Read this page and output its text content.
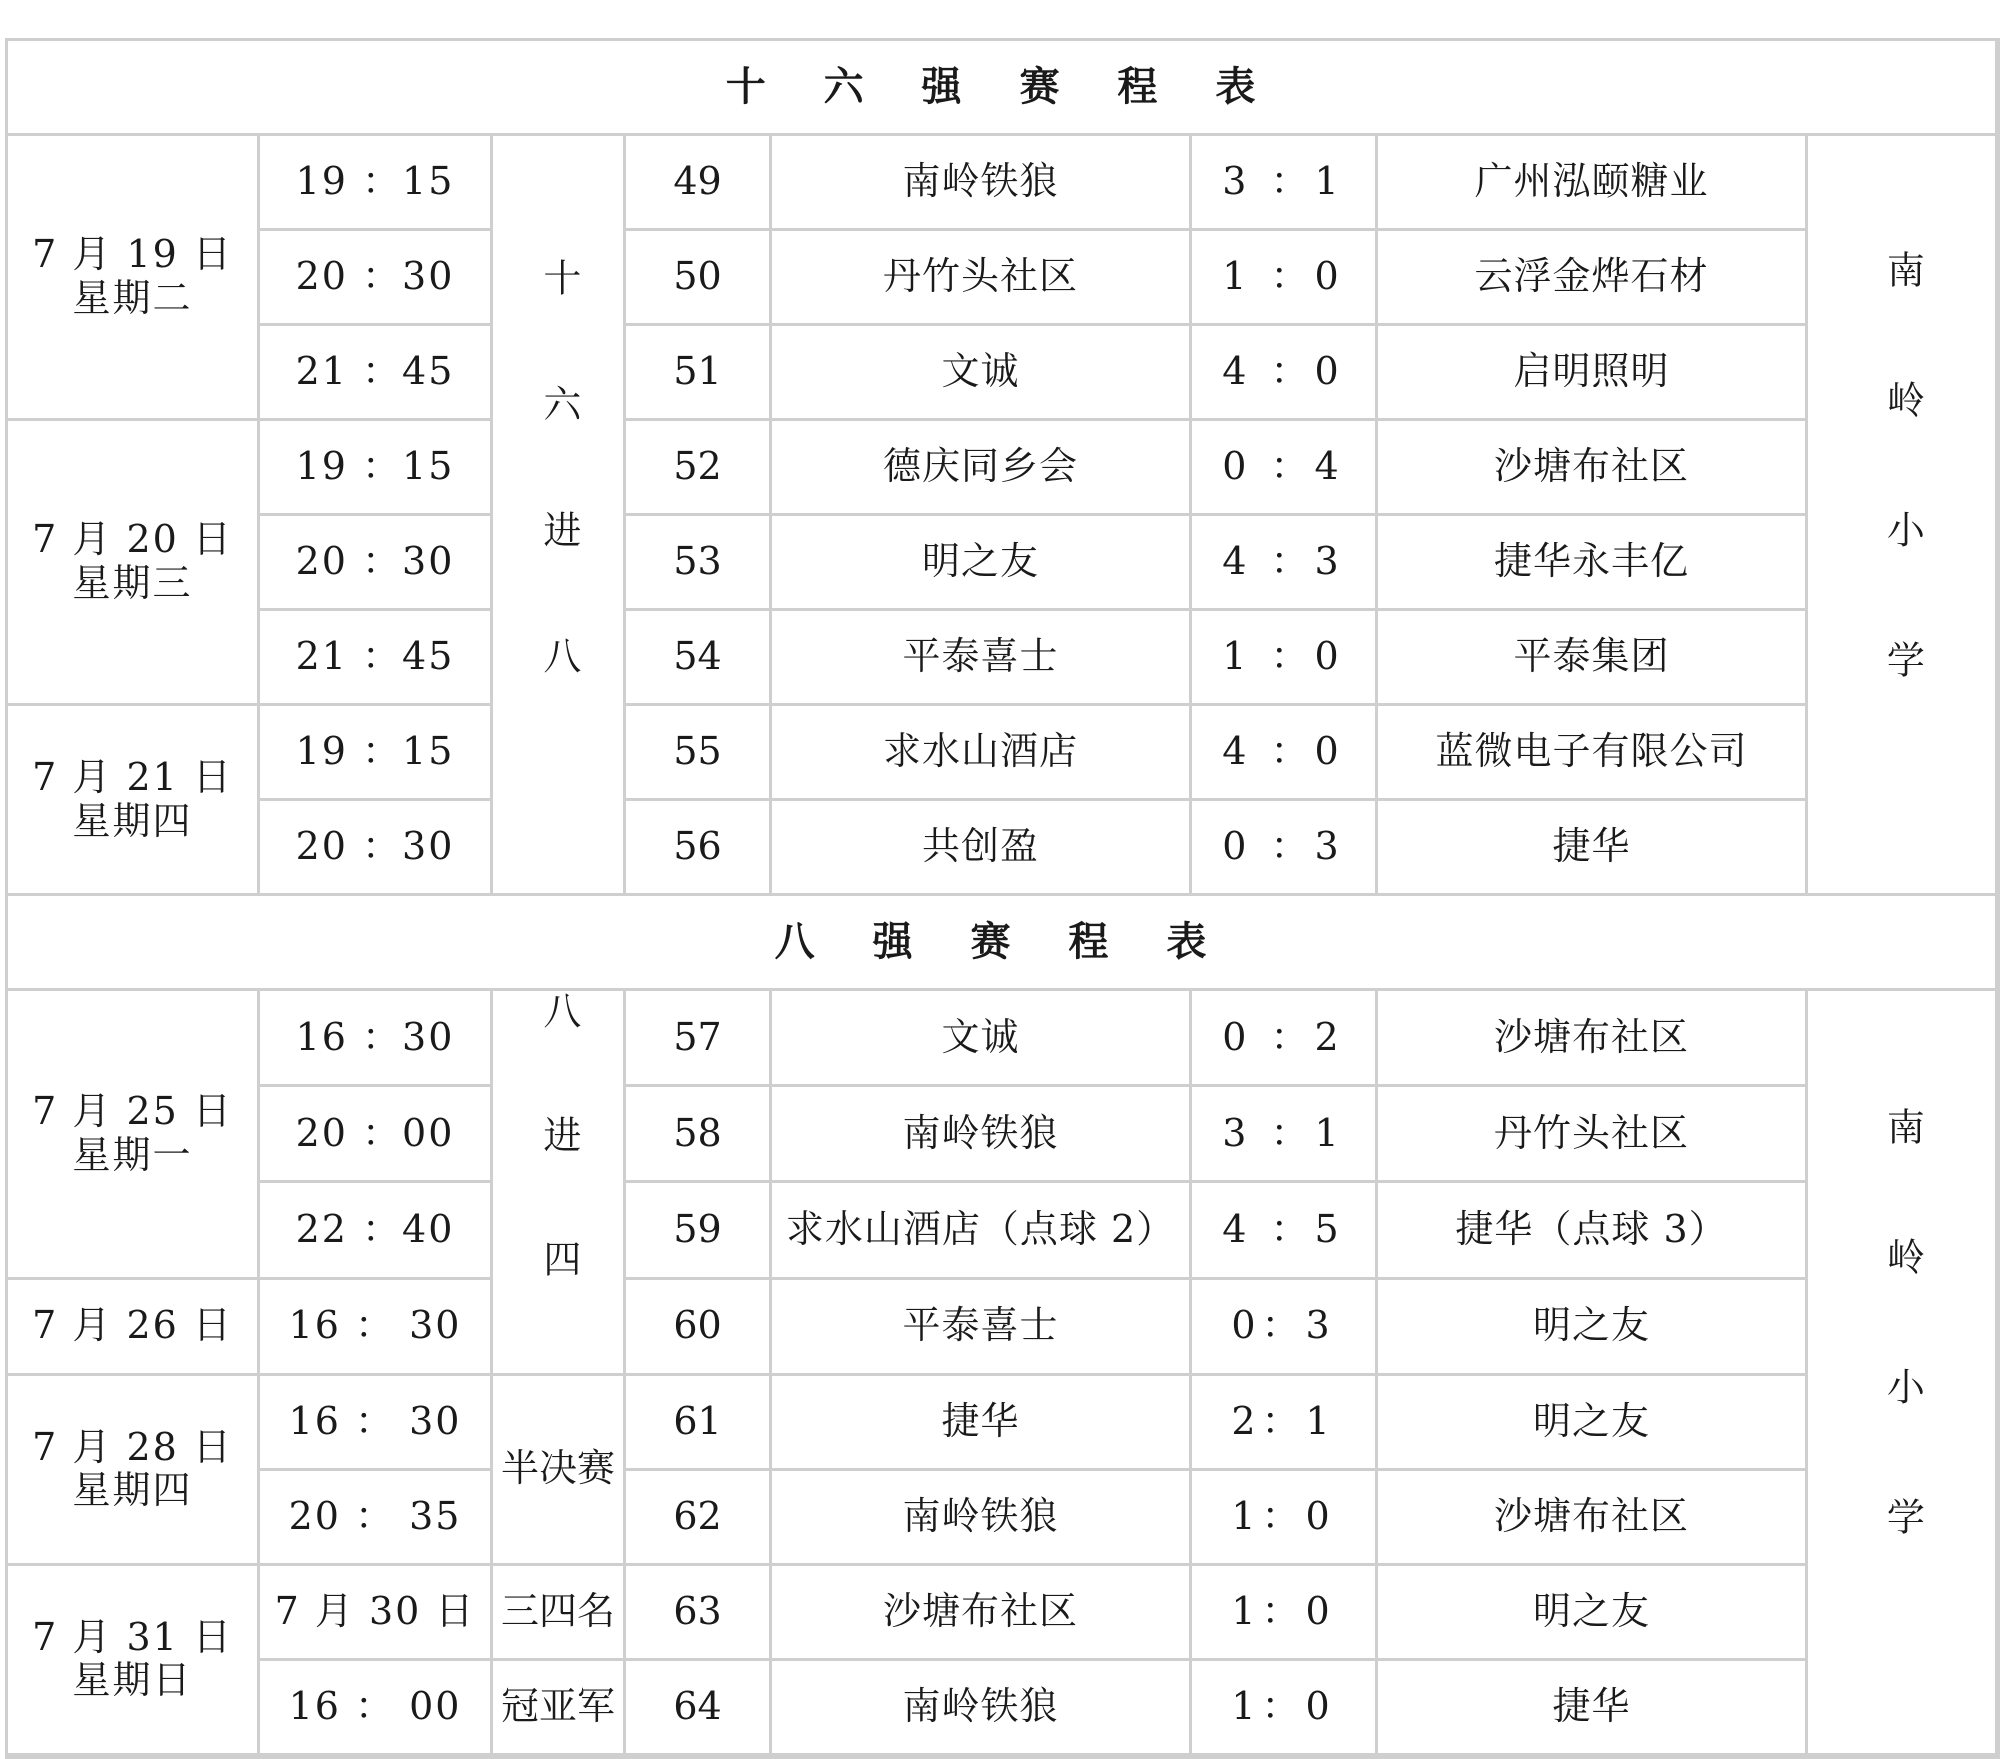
十 六 强 赛 程 表							

7 月 19 日
星期二	19 ：15	十六进八	49	南岭铁狼	3 ：1	广州泓颐糖业	南岭小学
	20 ：30		50	丹竹头社区	1 ：0	云浮金烨石材	
	21 ：45		51	文诚	4 ：0	启明照明	

7 月 20 日
星期三	19 ：15		52	德庆同乡会	0 ：4	沙塘布社区	
	20 ：30		53	明之友	4 ：3	捷华永丰亿	
	21 ：45		54	平泰喜士	1 ：0	平泰集团	

7 月 21 日
星期四	19 ：15		55	求水山酒店	4 ：0	蓝微电子有限公司	
	20 ：30		56	共创盈	0 ：3	捷华	
八 强 赛 程 表							

7 月 25 日
星期一	16 ：30	八进四	57	文诚	0 ：2	沙塘布社区	南岭小学
	20 ：00		58	南岭铁狼	3 ：1	丹竹头社区	
	22 ：40		59	求水山酒店（点球 2）	4 ：5	捷华（点球 3）	

7 月 26 日	16 ： 30		60	平泰喜士	0：3	明之友	

7 月 28 日
星期四	16 ： 30	半决赛	61	捷华	2：1	明之友	
	20 ： 35		62	南岭铁狼	1：0	沙塘布社区	

7 月 31 日
星期日	7 月 30 日	三四名	63	沙塘布社区	1：0	明之友	
	16 ： 00	冠亚军	64	南岭铁狼	1：0	捷华	
